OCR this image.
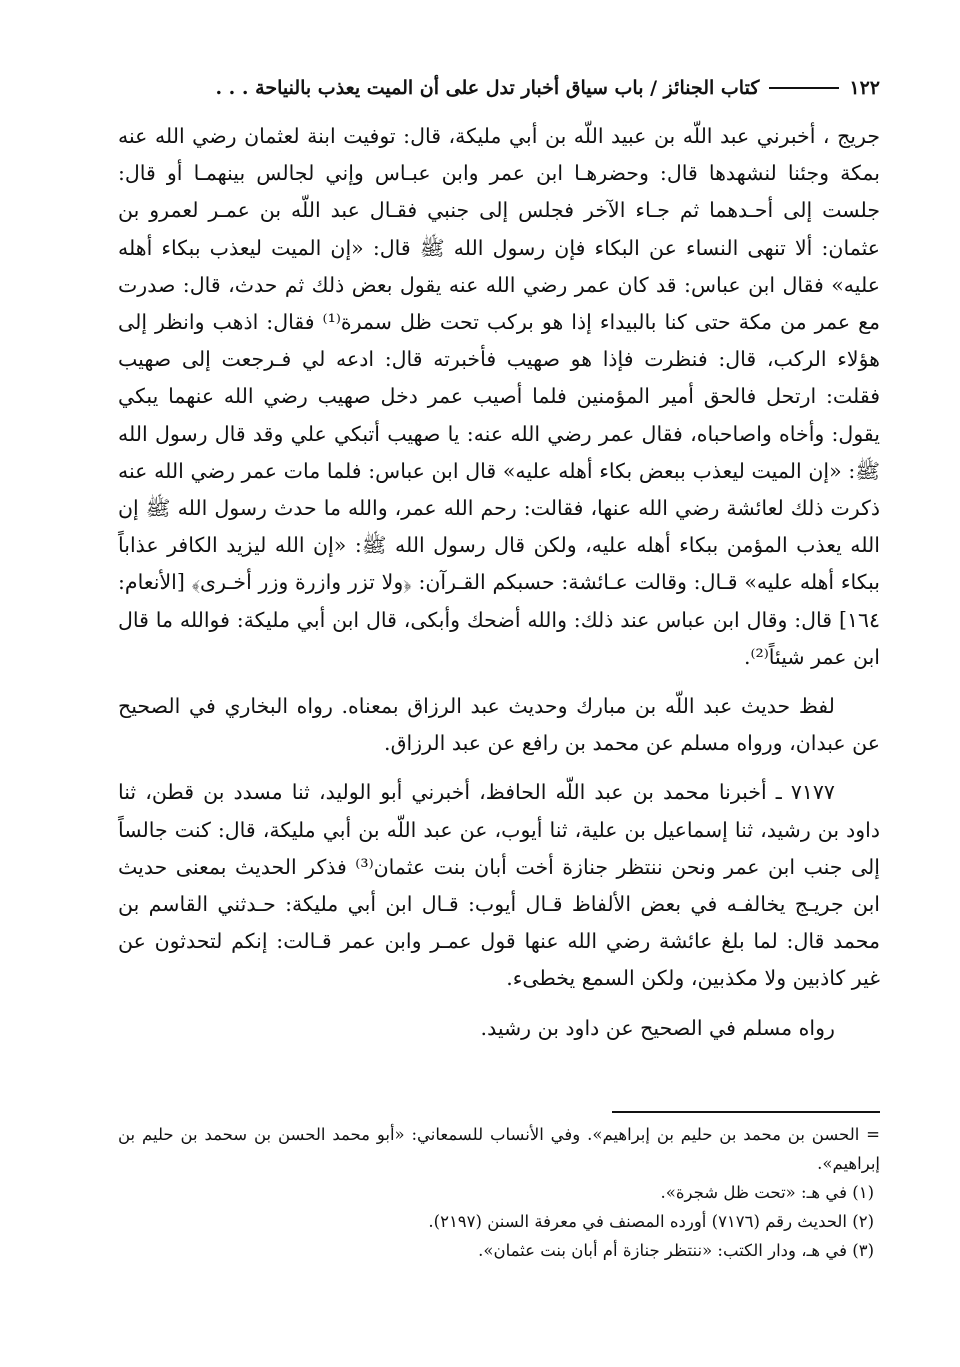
١٢٢
كتاب الجنائز / باب سياق أخبار تدل على أن الميت يعذب بالنياحة . . .

جريج ، أخبرني عبد اللّه بن عبيد اللّه بن أبي مليكة، قال: توفيت ابنة لعثمان رضي الله عنه بمكة وجئنا لنشهدها قال: وحضرهـا ابن عمر وابن عبـاس وإني لجالس بينهمـا أو قال: جلست إلى أحـدهما ثم جـاء الآخر فجلس إلى جنبي فقـال عبد اللّه بن عمـر لعمرو بن عثمان: ألا تنهى النساء عن البكاء فإن رسول الله ﷺ قال: «إن الميت ليعذب ببكاء أهله عليه» فقال ابن عباس: قد كان عمر رضي الله عنه يقول بعض ذلك ثم حدث، قال: صدرت مع عمر من مكة حتى كنا بالبيداء إذا هو بركب تحت ظل سمرة⁽¹⁾ فقال: اذهب وانظر إلى هؤلاء الركب، قال: فنظرت فإذا هو صهيب فأخبرته قال: ادعه لي فـرجعت إلى صهيب فقلت: ارتحل فالحق أمير المؤمنين فلما أصيب عمر دخل صهيب رضي الله عنهما يبكي يقول: وأخاه واصاحباه، فقال عمر رضي الله عنه: يا صهيب أتبكي علي وقد قال رسول الله ﷺ: «إن الميت ليعذب ببعض بكاء أهله عليه» قال ابن عباس: فلما مات عمر رضي الله عنه ذكرت ذلك لعائشة رضي الله عنها، فقالت: رحم الله عمر، والله ما حدث رسول الله ﷺ إن الله يعذب المؤمن ببكاء أهله عليه، ولكن قال رسول الله ﷺ: «إن الله ليزيد الكافر عذاباً ببكاء أهله عليه» قـال: وقالت عـائشة: حسبكم القـرآن: ﴿ولا تزر وازرة وزر أخـرى﴾ [الأنعام: ١٦٤] قال: وقال ابن عباس عند ذلك: والله أضحك وأبكى، قال ابن أبي مليكة: فوالله ما قال ابن عمر شيئاً⁽²⁾.

لفظ حديث عبد اللّه بن مبارك وحديث عبد الرزاق بمعناه. رواه البخاري في الصحيح عن عبدان، ورواه مسلم عن محمد بن رافع عن عبد الرزاق.

٧١٧٧ ـ أخبرنا محمد بن عبد اللّه الحافظ، أخبرني أبو الوليد، ثنا مسدد بن قطن، ثنا داود بن رشيد، ثنا إسماعيل بن علية، ثنا أيوب، عن عبد اللّه بن أبي مليكة، قال: كنت جالساً إلى جنب ابن عمر ونحن ننتظر جنازة أخت أبان بنت عثمان⁽³⁾ فذكر الحديث بمعنى حديث ابن جريـج يخالفـه في بعض الألفاظ قـال أيوب: قـال ابن أبي مليكة: حـدثني القاسم بن محمد قال: لما بلغ عائشة رضي الله عنها قول عمـر وابن عمر قـالت: إنكم لتحدثون عن غير كاذبين ولا مكذبين، ولكن السمع يخطىء.

رواه مسلم في الصحيح عن داود بن رشيد.

= الحسن بن محمد بن حليم بن إبراهيم». وفي الأنساب للسمعاني: «أبو محمد الحسن بن سحمد بن حليم بن إبراهيم».

(١) في هـ: «تحت ظل شجرة».

(٢) الحديث رقم (٧١٧٦) أورده المصنف في معرفة السنن (٢١٩٧).

(٣) في هـ، ودار الكتب: «ننتظر جنازة أم أبان بنت عثمان».
